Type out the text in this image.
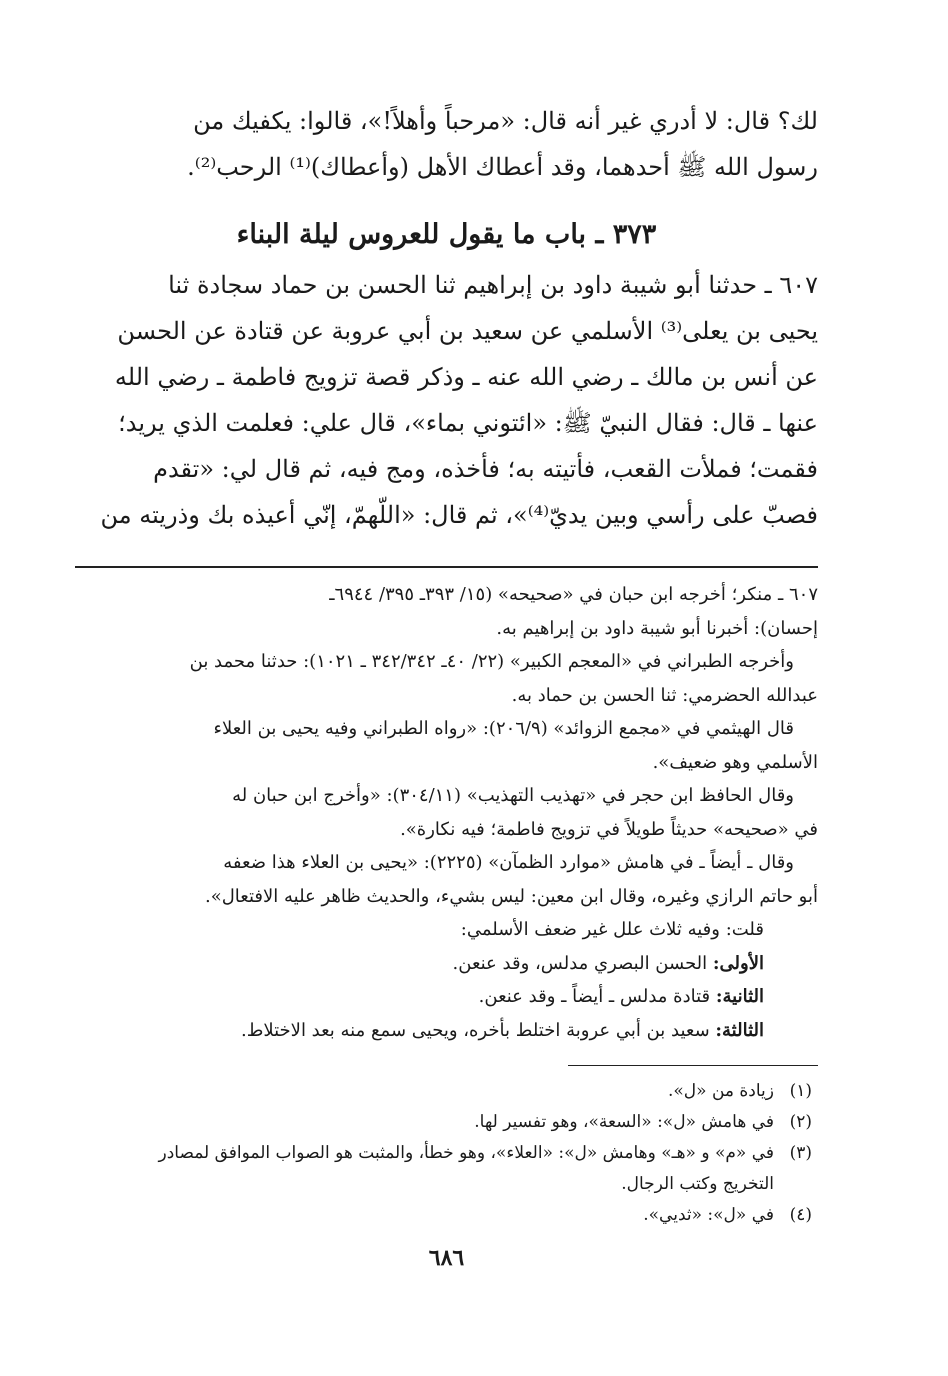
لك؟ قال: لا أدري غير أنه قال: «مرحباً وأهلاً!»، قالوا: يكفيك من
رسول الله ﷺ أحدهما، وقد أعطاك الأهل (وأعطاك)⁽¹⁾ الرحب⁽²⁾.
٣٧٣ ـ باب ما يقول للعروس ليلة البناء
٦٠٧ ـ حدثنا أبو شيبة داود بن إبراهيم ثنا الحسن بن حماد سجادة ثنا
يحيى بن يعلى⁽³⁾ الأسلمي عن سعيد بن أبي عروبة عن قتادة عن الحسن
عن أنس بن مالك ـ رضي الله عنه ـ وذكر قصة تزويج فاطمة ـ رضي الله
عنها ـ قال: فقال النبيّ ﷺ: «ائتوني بماء»، قال علي: فعلمت الذي يريد؛
فقمت؛ فملأت القعب، فأتيته به؛ فأخذه، ومج فيه، ثم قال لي: «تقدم
فصبّ على رأسي وبين يديّ⁽⁴⁾»، ثم قال: «اللّهمّ، إنّي أعيذه بك وذريته من
٦٠٧ ـ منكر؛ أخرجه ابن حبان في «صحيحه» (١٥/ ٣٩٣ـ ٣٩٥/ ٦٩٤٤ـ
إحسان): أخبرنا أبو شيبة داود بن إبراهيم به.
وأخرجه الطبراني في «المعجم الكبير» (٢٢/ ٤٠ـ ٣٤٢/٣٤٢ ـ ١٠٢١): حدثنا محمد بن
عبدالله الحضرمي: ثنا الحسن بن حماد به.
قال الهيثمي في «مجمع الزوائد» (٢٠٦/٩): «رواه الطبراني وفيه يحيى بن العلاء
الأسلمي وهو ضعيف».
وقال الحافظ ابن حجر في «تهذيب التهذيب» (٣٠٤/١١): «وأخرج ابن حبان له
في «صحيحه» حديثاً طويلاً في تزويج فاطمة؛ فيه نكارة».
وقال ـ أيضاً ـ في هامش «موارد الظمآن» (٢٢٢٥): «يحيى بن العلاء هذا ضعفه
أبو حاتم الرازي وغيره، وقال ابن معين: ليس بشيء، والحديث ظاهر عليه الافتعال».
قلت: وفيه ثلاث علل غير ضعف الأسلمي:
الأولى: الحسن البصري مدلس، وقد عنعن.
الثانية: قتادة مدلس ـ أيضاً ـ وقد عنعن.
الثالثة: سعيد بن أبي عروبة اختلط بأخره، ويحيى سمع منه بعد الاختلاط.
(١)زيادة من «ل».
(٢)في هامش «ل»: «السعة»، وهو تفسير لها.
(٣)في «م» و «هـ» وهامش «ل»: «العلاء»، وهو خطأ، والمثبت هو الصواب الموافق لمصادر
التخريج وكتب الرجال.
(٤)في «ل»: «ثديي».
٦٨٦
